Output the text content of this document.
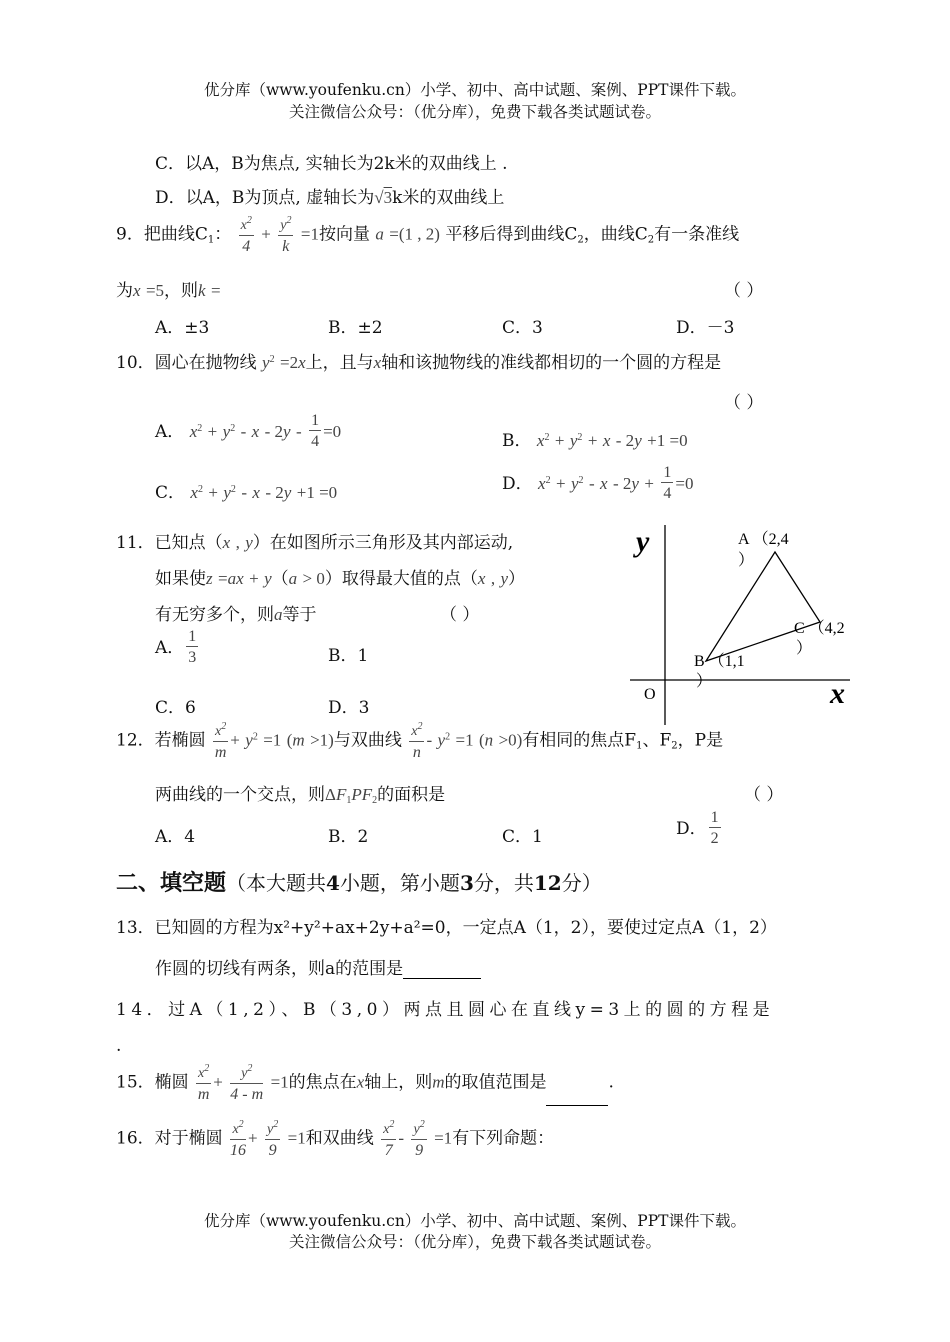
优分库（www.youfenku.cn）小学、初中、高中试题、案例、PPT课件下载。
关注微信公众号：（优分库），免费下载各类试题试卷。
C．以A，B为焦点, 实轴长为2k米的双曲线上 .
D．以A，B为顶点, 虚轴长为√3k米的双曲线上
9．把曲线$C_1$： $\frac{x^2}{4} + \frac{y^2}{k} =1$按向量 a =(1 , 2) 平移后得到曲线$C_2$，曲线$C_2$有一条准线
为x =5，则k =	（ ）
A．±3	B．±2	C．3	D．－3
10．圆心在抛物线 $y^2 =2x$上，且与x轴和该抛物线的准线都相切的一个圆的方程是
（ ）
A． $x^2 + y^2 - x - 2y - \frac{1}{4} =0$	B． $x^2 + y^2 + x - 2y +1 =0$
C． $x^2 + y^2 - x - 2y +1 =0$	D． $x^2 + y^2 - x - 2y + \frac{1}{4} =0$
11．已知点（x , y）在如图所示三角形及其内部运动,
如果使z =ax + y（a > 0）取得最大值的点（x , y）
有无穷多个，则a等于	（ ）
A． $\frac{1}{3}$	B．1
C．6	D．3
y
x
O
A （2,4
）
C （4,2
）
B （1,1
）
12．若椭圆 $\frac{x^2}{m} + y^2 =1$ (m >1)与双曲线 $\frac{x^2}{n} - y^2 =1$ (n >0)有相同的焦点$F_1$、$F_2$，P是
两曲线的一个交点，则$\Delta F_1PF_2$的面积是	（ ）
A．4	B．2	C．1	D． $\frac{1}{2}$
二、填空题（本大题共4小题，第小题3分，共12分）
13．已知圆的方程为x²+y²+ax+2y+a²=0，一定点A（1，2），要使过定点A（1，2）
作圆的切线有两条，则a的范围是
14．过A（1,2）、B（3,0）两点且圆心在直线y=3上的圆的方程是
.
15．椭圆 $\frac{x^2}{m} + \frac{y^2}{4 - m} =1$的焦点在x轴上，则m的取值范围是	.
16．对于椭圆 $\frac{x^2}{16} + \frac{y^2}{9} =1$和双曲线 $\frac{x^2}{7} - \frac{y^2}{9} =1$有下列命题：
优分库（www.youfenku.cn）小学、初中、高中试题、案例、PPT课件下载。
关注微信公众号：（优分库），免费下载各类试题试卷。
